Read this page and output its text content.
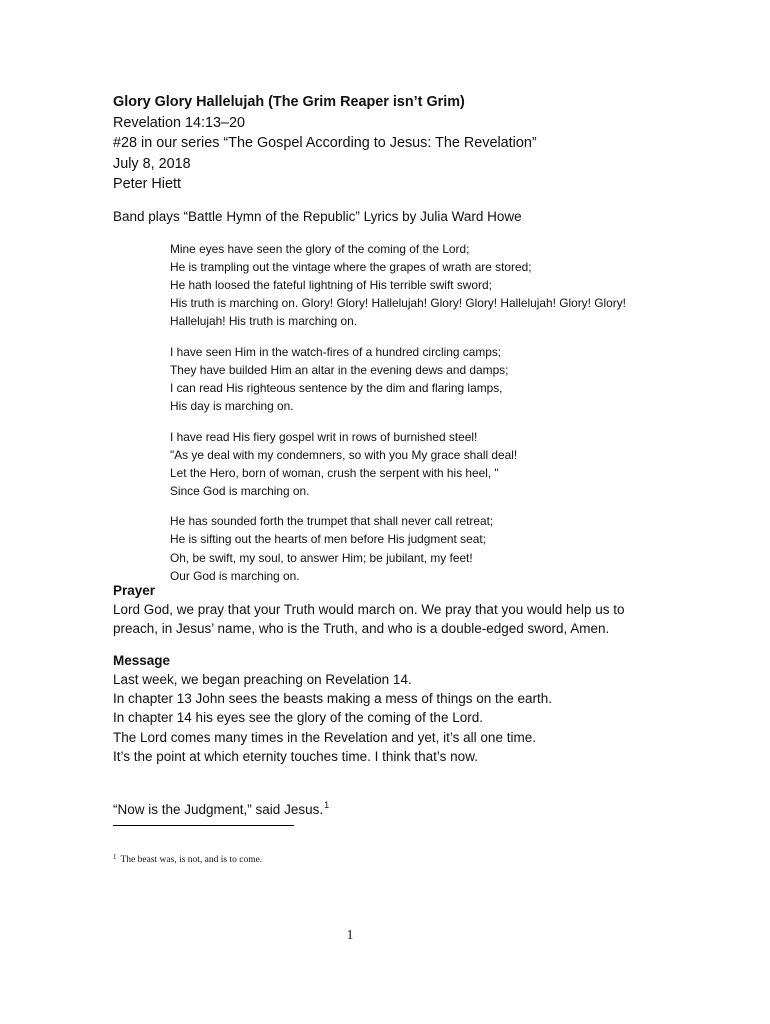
Glory Glory Hallelujah (The Grim Reaper isn’t Grim)
Revelation 14:13–20
#28 in our series “The Gospel According to Jesus: The Revelation”
July 8, 2018
Peter Hiett
Band plays “Battle Hymn of the Republic” Lyrics by Julia Ward Howe
Mine eyes have seen the glory of the coming of the Lord;
He is trampling out the vintage where the grapes of wrath are stored;
He hath loosed the fateful lightning of His terrible swift sword;
His truth is marching on. Glory! Glory! Hallelujah! Glory! Glory! Hallelujah! Glory! Glory!
Hallelujah! His truth is marching on.
I have seen Him in the watch-fires of a hundred circling camps;
They have builded Him an altar in the evening dews and damps;
I can read His righteous sentence by the dim and flaring lamps,
His day is marching on.
I have read His fiery gospel writ in rows of burnished steel!
"As ye deal with my condemners, so with you My grace shall deal!
Let the Hero, born of woman, crush the serpent with his heel, "
Since God is marching on.
He has sounded forth the trumpet that shall never call retreat;
He is sifting out the hearts of men before His judgment seat;
Oh, be swift, my soul, to answer Him; be jubilant, my feet!
Our God is marching on.
Prayer
Lord God, we pray that your Truth would march on. We pray that you would help us to
preach, in Jesus’ name, who is the Truth, and who is a double-edged sword, Amen.
Message
Last week, we began preaching on Revelation 14.
In chapter 13 John sees the beasts making a mess of things on the earth.
In chapter 14 his eyes see the glory of the coming of the Lord.
The Lord comes many times in the Revelation and yet, it’s all one time.
It’s the point at which eternity touches time. I think that’s now.
“Now is the Judgment,” said Jesus.$^1$
$^1$ The beast was, is not, and is to come.
1
